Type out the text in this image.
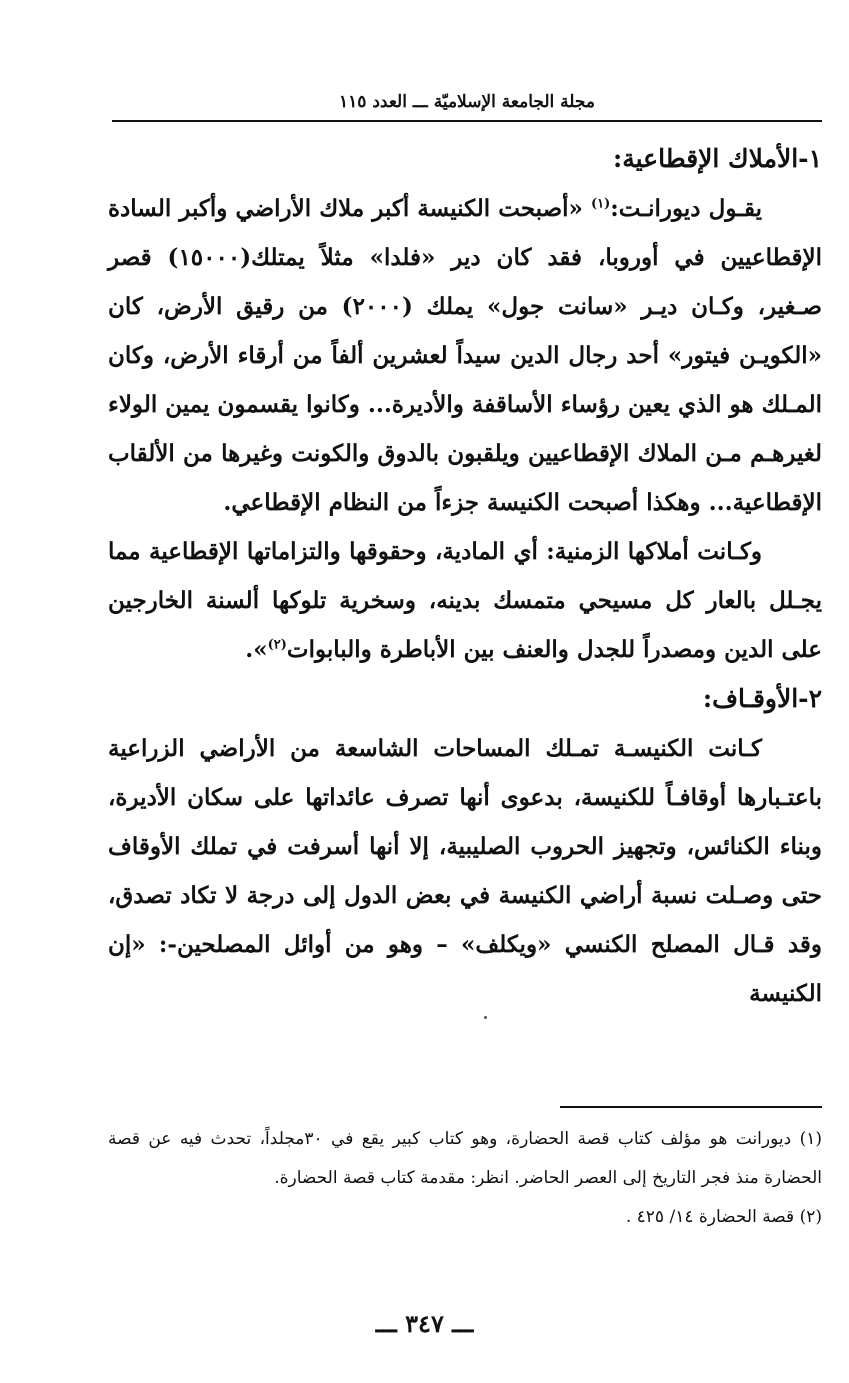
مجلة الجامعة الإسلاميّة ـــ العدد ١١٥
١-الأملاك الإقطاعية:

يقـول ديورانـت:$^{(١)}$ «أصبحت الكنيسة أكبر ملاك الأراضي وأكبر السادة الإقطاعيين في أوروبا، فقد كان دير «فلدا» مثلاً يمتلك(١٥٠٠٠) قصر صـغير، وكـان ديـر «سانت جول» يملك (٢٠٠٠) من رقيق الأرض، كان «الكويـن فيتور» أحد رجال الدين سيداً لعشرين ألفاً من أرقاء الأرض، وكان المـلك هو الذي يعين رؤساء الأساقفة والأديرة... وكانوا يقسمون يمين الولاء لغيرهـم مـن الملاك الإقطاعيين ويلقبون بالدوق والكونت وغيرها من الألقاب الإقطاعية... وهكذا أصبحت الكنيسة جزءاً من النظام الإقطاعي.

وكـانت أملاكها الزمنية: أي المادية، وحقوقها والتزاماتها الإقطاعية مما يجـلل بالعار كل مسيحي متمسك بدينه، وسخرية تلوكها ألسنة الخارجين على الدين ومصدراً للجدل والعنف بين الأباطرة والبابوات$^{(٢)}$».

٢-الأوقـاف:

كـانت الكنيسـة تمـلك المساحات الشاسعة من الأراضي الزراعية باعتـبارها أوقافـاً للكنيسة، بدعوى أنها تصرف عائداتها على سكان الأديرة، وبناء الكنائس، وتجهيز الحروب الصليبية، إلا أنها أسرفت في تملك الأوقاف حتى وصـلت نسبة أراضي الكنيسة في بعض الدول إلى درجة لا تكاد تصدق، وقد قـال المصلح الكنسي «ويكلف» – وهو من أوائل المصلحين-: «إن الكنيسة

(١) ديورانت هو مؤلف كتاب قصة الحضارة، وهو كتاب كبير يقع في ٣٠مجلداً، تحدث فيه عن قصة الحضارة منذ فجر التاريخ إلى العصر الحاضر. انظر: مقدمة كتاب قصة الحضارة.

(٢) قصة الحضارة ١٤/ ٤٢٥ .

ـــ ٣٤٧ ـــ
